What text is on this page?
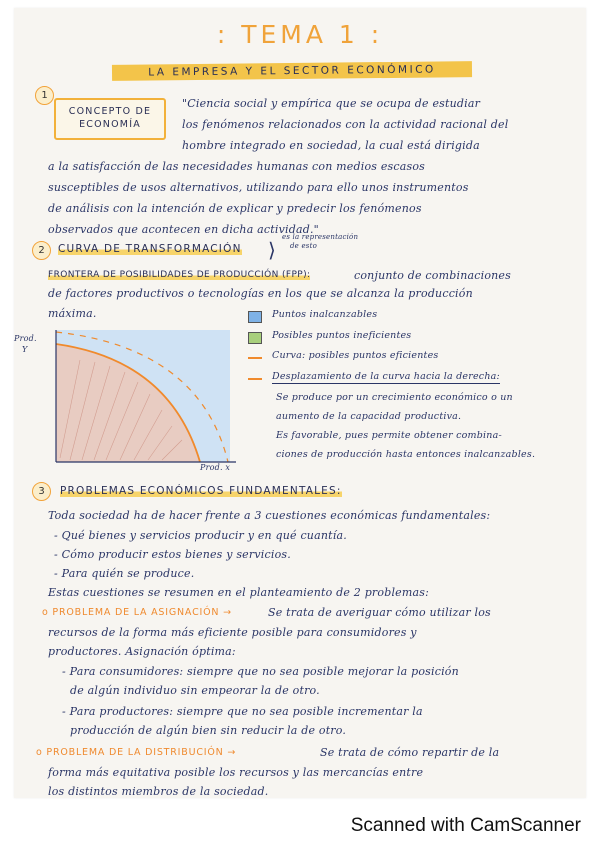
: TEMA 1 :
LA EMPRESA Y EL SECTOR ECONÓMICO
1
CONCEPTO DE
ECONOMÍA
"Ciencia social y empírica que se ocupa de estudiar
los fenómenos relacionados con la actividad racional del
hombre integrado en sociedad, la cual está dirigida
a la satisfacción de las necesidades humanas con medios escasos
susceptibles de usos alternativos, utilizando para ello unos instrumentos
de análisis con la intención de explicar y predecir los fenómenos
observados que acontecen en dicha actividad."
2	CURVA DE TRANSFORMACIÓN ⟩
es la representación
de esto
FRONTERA DE POSIBILIDADES DE PRODUCCIÓN (FPP):	conjunto de combinaciones
de factores productivos o tecnologías en los que se alcanza la producción
máxima.
Prod.
Y
Prod. x
Puntos inalcanzables
Posibles puntos ineficientes
Curva: posibles puntos eficientes
Desplazamiento de la curva hacia la derecha:
Se produce por un crecimiento económico o un
aumento de la capacidad productiva.
Es favorable, pues permite obtener combina-
ciones de producción hasta entonces inalcanzables.
3	PROBLEMAS ECONÓMICOS FUNDAMENTALES:
Toda sociedad ha de hacer frente a 3 cuestiones económicas fundamentales:
- Qué bienes y servicios producir y en qué cuantía.
- Cómo producir estos bienes y servicios.
- Para quién se produce.
Estas cuestiones se resumen en el planteamiento de 2 problemas:
o PROBLEMA DE LA ASIGNACIÓN →	Se trata de averiguar cómo utilizar los
recursos de la forma más eficiente posible para consumidores y
productores. Asignación óptima:
- Para consumidores: siempre que no sea posible mejorar la posición
de algún individuo sin empeorar la de otro.
- Para productores: siempre que no sea posible incrementar la
producción de algún bien sin reducir la de otro.
o PROBLEMA DE LA DISTRIBUCIÓN →	Se trata de cómo repartir de la
forma más equitativa posible los recursos y las mercancías entre
los distintos miembros de la sociedad.
Scanned with CamScanner
